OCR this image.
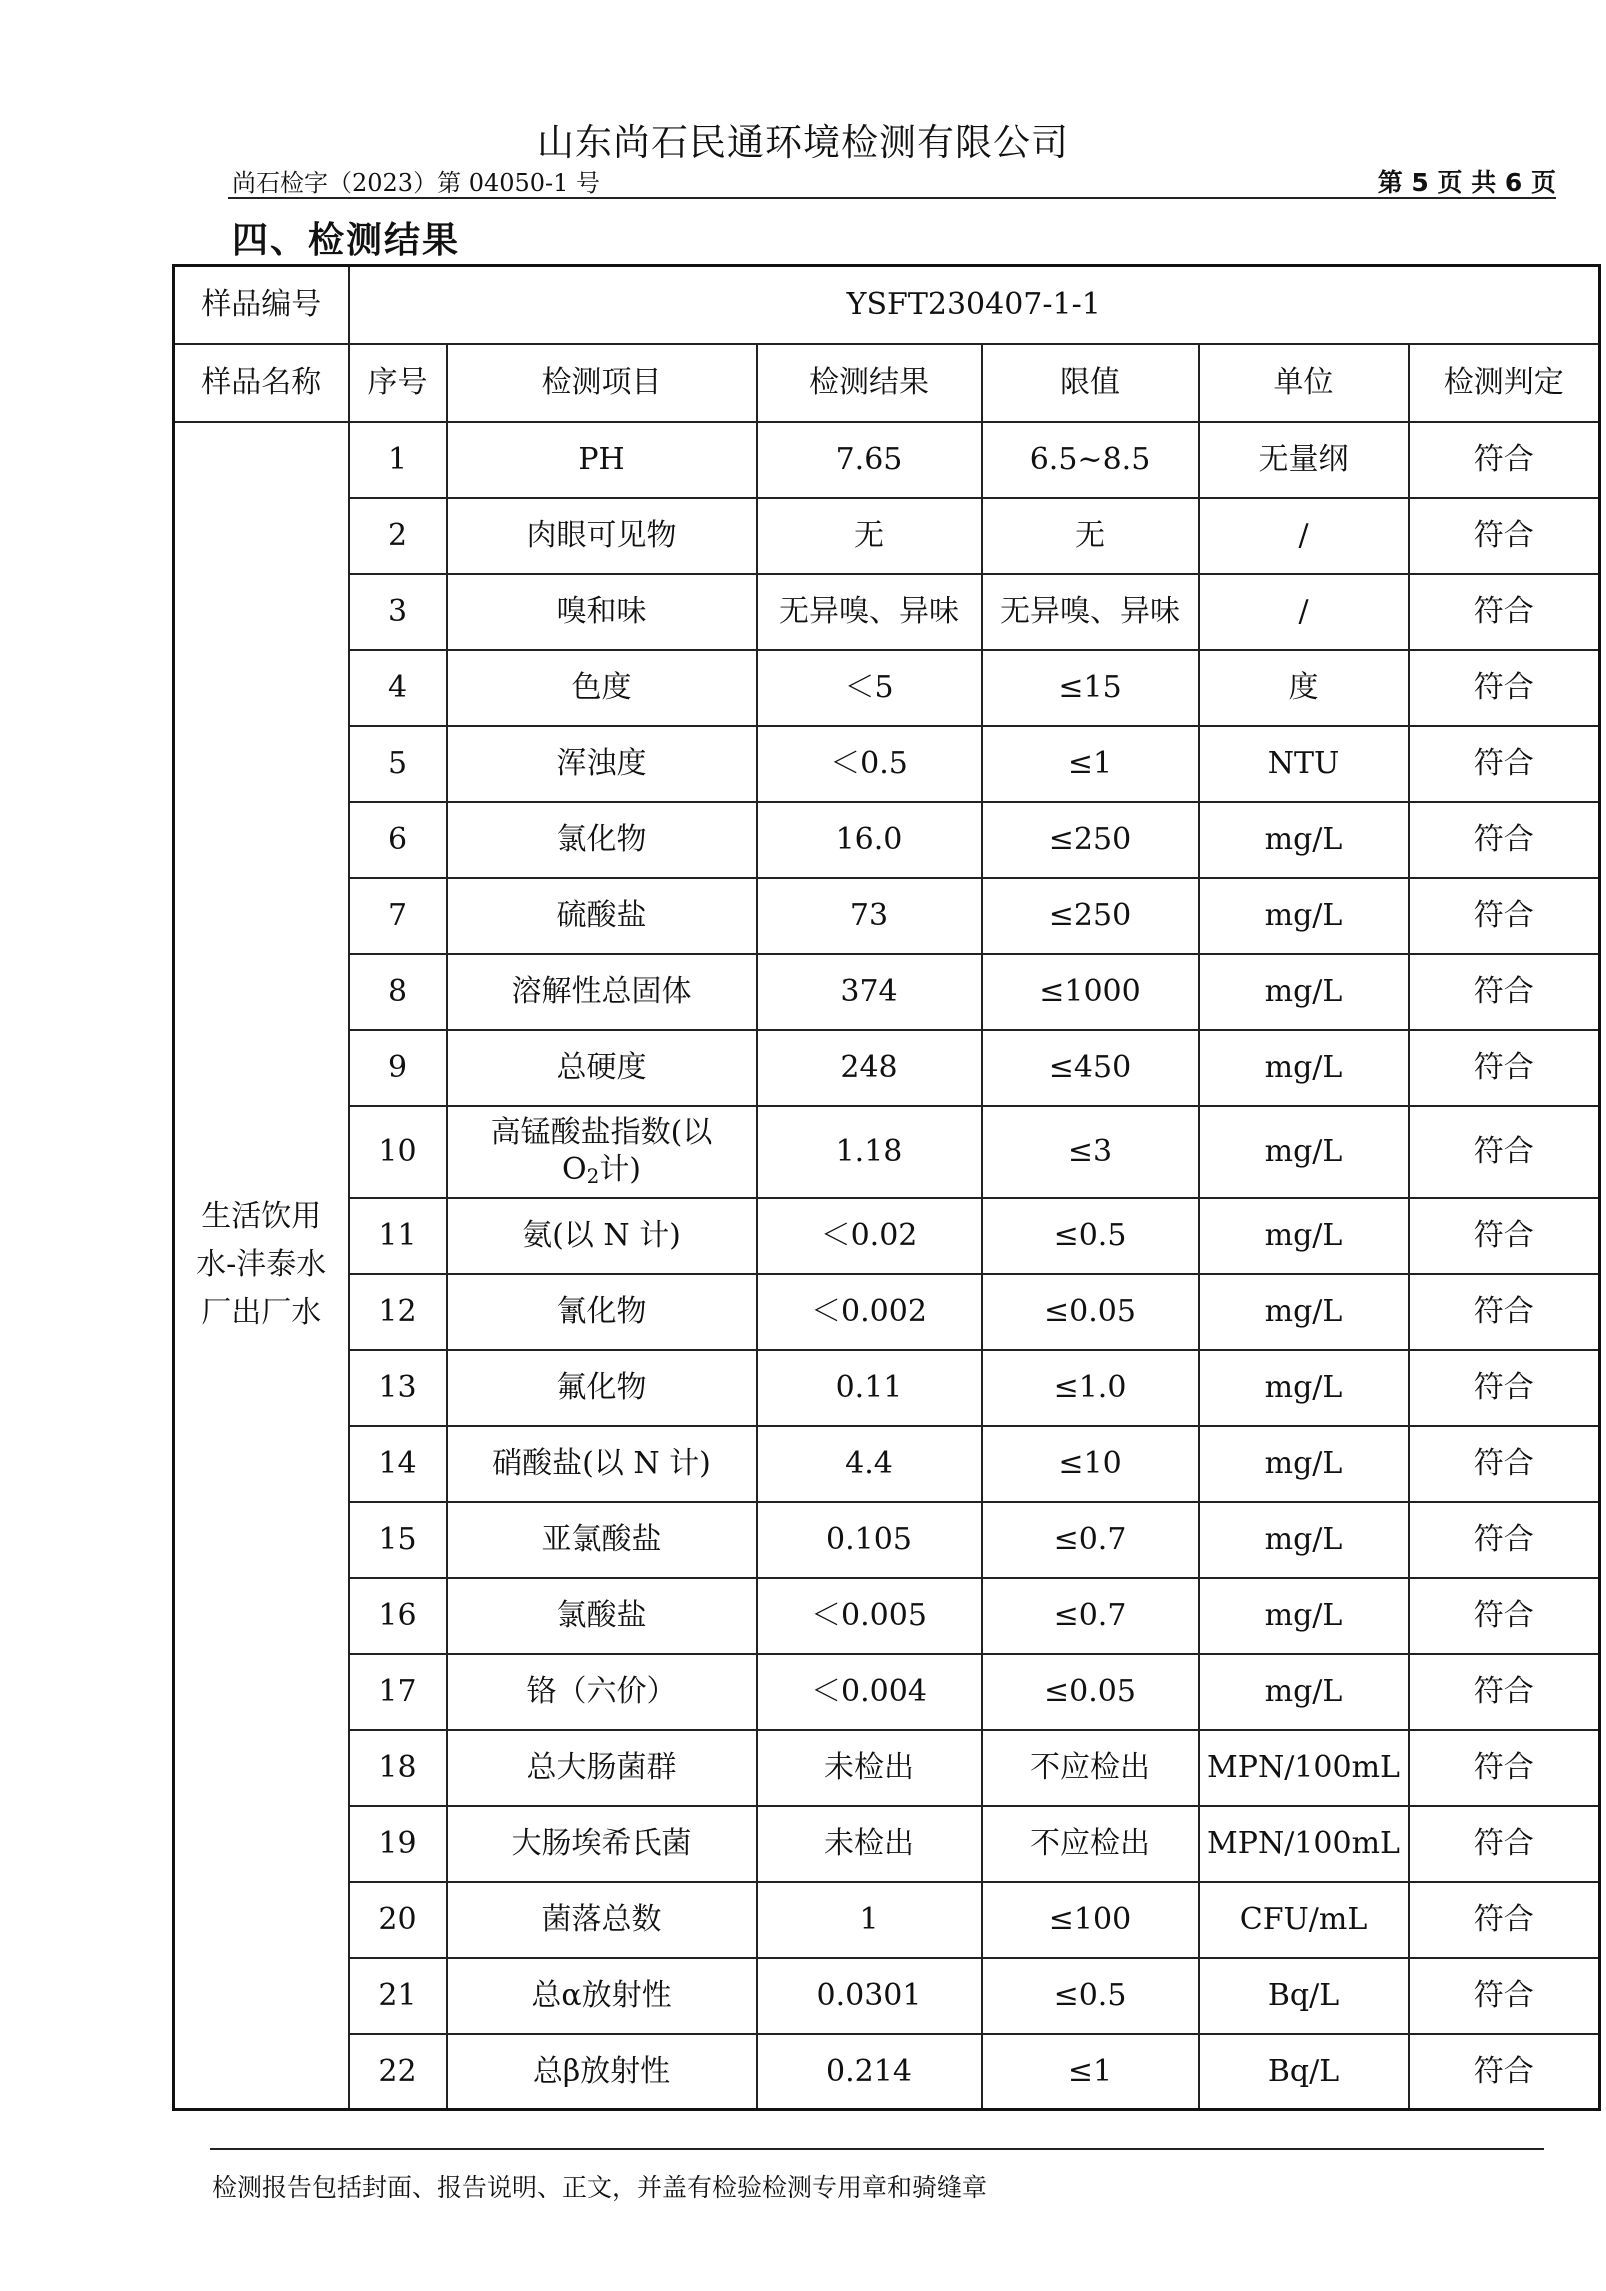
山东尚石民通环境检测有限公司
尚石检字（2023）第 04050-1 号	第 5 页 共 6 页
四、检测结果
样品编号	YSFT230407-1-1					
样品名称	序号	检测项目	检测结果	限值	单位	检测判定
生活饮用水-沣泰水厂出厂水	1	PH	7.65	6.5~8.5	无量纲	符合
	2	肉眼可见物	无	无	/	符合
	3	嗅和味	无异嗅、异味	无异嗅、异味	/	符合
	4	色度	＜5	≤15	度	符合
	5	浑浊度	＜0.5	≤1	NTU	符合
	6	氯化物	16.0	≤250	mg/L	符合
	7	硫酸盐	73	≤250	mg/L	符合
	8	溶解性总固体	374	≤1000	mg/L	符合
	9	总硬度	248	≤450	mg/L	符合
	10	高锰酸盐指数(以
$O_2$计)	1.18	≤3	mg/L	符合
	11	氨(以 N 计)	＜0.02	≤0.5	mg/L	符合
	12	氰化物	＜0.002	≤0.05	mg/L	符合
	13	氟化物	0.11	≤1.0	mg/L	符合
	14	硝酸盐(以 N 计)	4.4	≤10	mg/L	符合
	15	亚氯酸盐	0.105	≤0.7	mg/L	符合
	16	氯酸盐	＜0.005	≤0.7	mg/L	符合
	17	铬（六价）	＜0.004	≤0.05	mg/L	符合
	18	总大肠菌群	未检出	不应检出	MPN/100mL	符合
	19	大肠埃希氏菌	未检出	不应检出	MPN/100mL	符合
	20	菌落总数	1	≤100	CFU/mL	符合
	21	总α放射性	0.0301	≤0.5	Bq/L	符合
	22	总β放射性	0.214	≤1	Bq/L	符合
检测报告包括封面、报告说明、正文，并盖有检验检测专用章和骑缝章
